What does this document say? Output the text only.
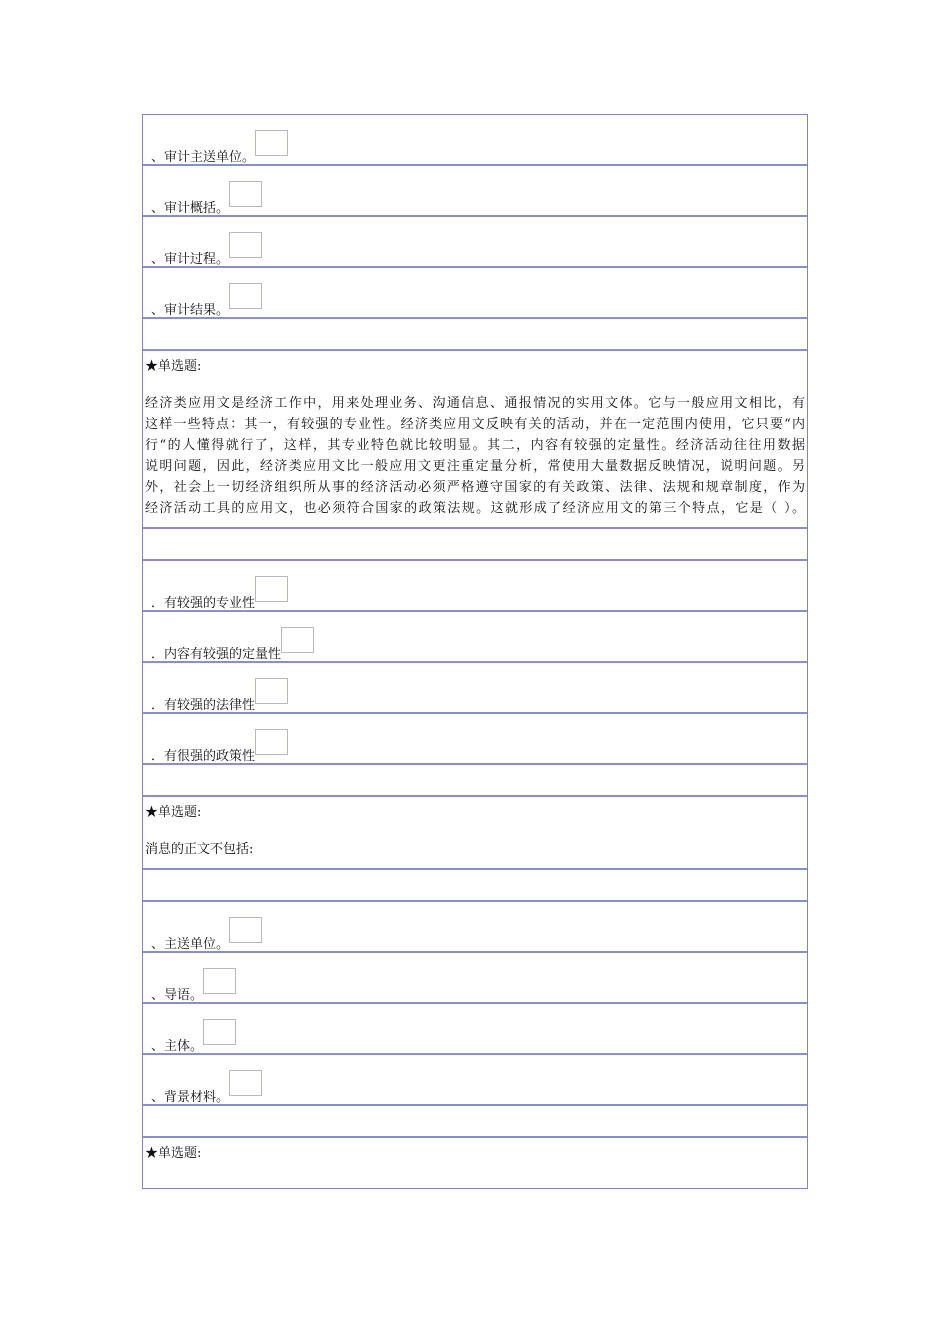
、审计主送单位。
、审计概括。
、审计过程。
、审计结果。
★单选题:
经济类应用文是经济工作中，用来处理业务、沟通信息、通报情况的实用文体。它与一般应用文相比，有
这样一些特点：其一，有较强的专业性。经济类应用文反映有关的活动，并在一定范围内使用，它只要“内
行“的人懂得就行了，这样，其专业特色就比较明显。其二，内容有较强的定量性。经济活动往往用数据
说明问题，因此，经济类应用文比一般应用文更注重定量分析，常使用大量数据反映情况，说明问题。另
外，社会上一切经济组织所从事的经济活动必须严格遵守国家的有关政策、法律、法规和规章制度，作为
经济活动工具的应用文，也必须符合国家的政策法规。这就形成了经济应用文的第三个特点，它是（ ）。
．有较强的专业性
．内容有较强的定量性
．有较强的法律性
．有很强的政策性
★单选题:
消息的正文不包括:
、主送单位。
、导语。
、主体。
、背景材料。
★单选题:
